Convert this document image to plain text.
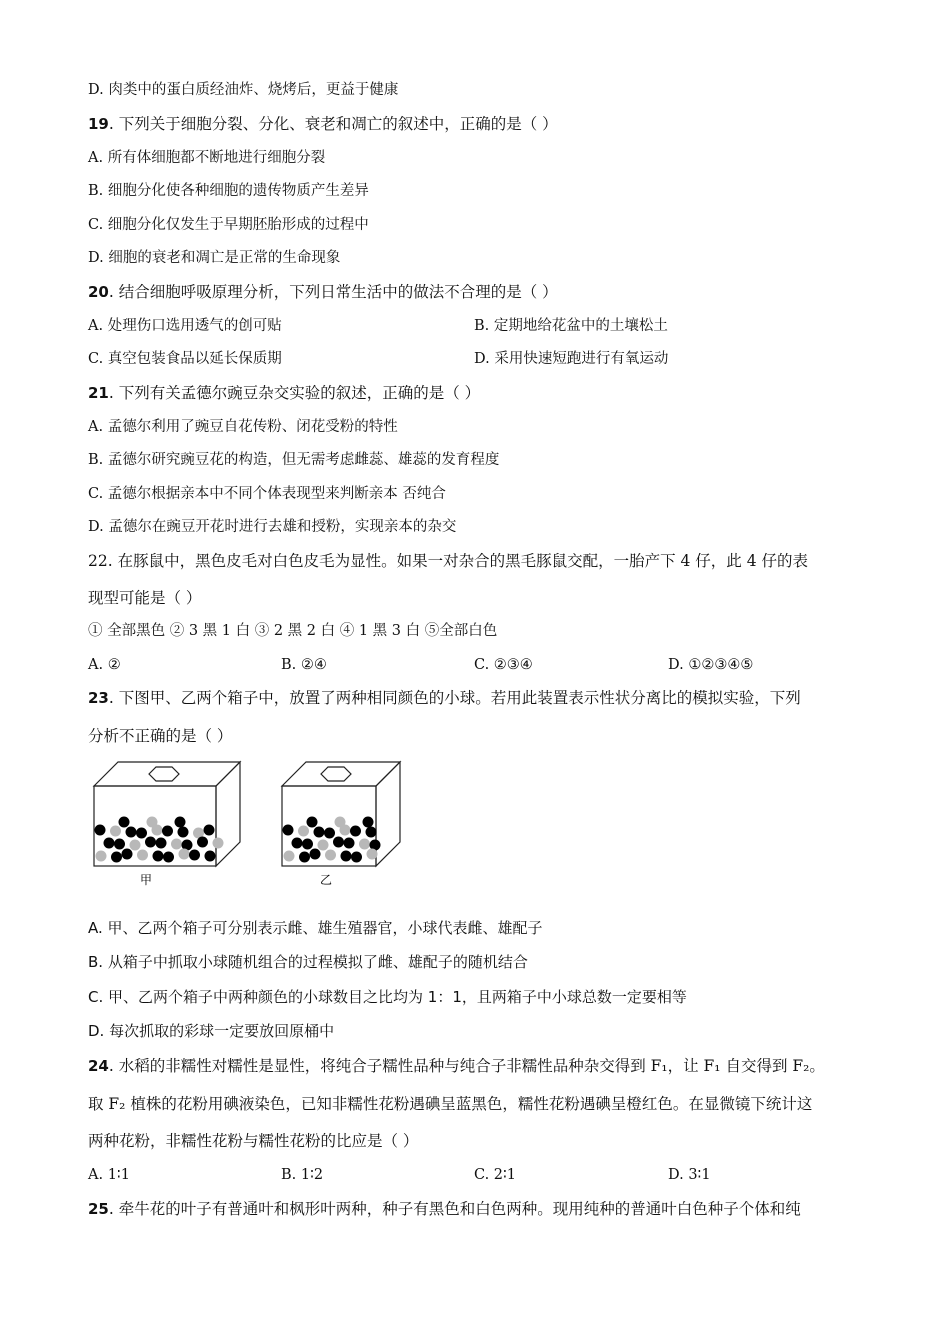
D. 肉类中的蛋白质经油炸、烧烤后，更益于健康
19. 下列关于细胞分裂、分化、衰老和凋亡的叙述中，正确的是（ ）
A. 所有体细胞都不断地进行细胞分裂
B. 细胞分化使各种细胞的遗传物质产生差异
C. 细胞分化仅发生于早期胚胎形成的过程中
D. 细胞的衰老和凋亡是正常的生命现象
20. 结合细胞呼吸原理分析，下列日常生活中的做法不合理的是（ ）
A. 处理伤口选用透气的创可贴	B. 定期地给花盆中的土壤松土
C. 真空包装食品以延长保质期	D. 采用快速短跑进行有氧运动
21. 下列有关孟德尔豌豆杂交实验的叙述，正确的是（ ）
A. 孟德尔利用了豌豆自花传粉、闭花受粉的特性
B. 孟德尔研究豌豆花的构造，但无需考虑雌蕊、雄蕊的发育程度
C. 孟德尔根据亲本中不同个体表现型来判断亲本 否纯合
D. 孟德尔在豌豆开花时进行去雄和授粉，实现亲本的杂交
22. 在豚鼠中，黑色皮毛对白色皮毛为显性。如果一对杂合的黑毛豚鼠交配，一胎产下 4 仔，此 4 仔的表
现型可能是（ ）
① 全部黑色 ② 3 黑 1 白 ③ 2 黑 2 白 ④ 1 黑 3 白 ⑤全部白色
A. ②	B. ②④	C. ②③④	D. ①②③④⑤
23. 下图甲、乙两个箱子中，放置了两种相同颜色的小球。若用此装置表示性状分离比的模拟实验，下列
分析不正确的是（ ）
甲	乙
A. 甲、乙两个箱子可分别表示雌、雄生殖器官，小球代表雌、雄配子
B. 从箱子中抓取小球随机组合的过程模拟了雌、雄配子的随机结合
C. 甲、乙两个箱子中两种颜色的小球数目之比均为 1：1，且两箱子中小球总数一定要相等
D. 每次抓取的彩球一定要放回原桶中
24. 水稻的非糯性对糯性是显性，将纯合子糯性品种与纯合子非糯性品种杂交得到 F₁，让 F₁ 自交得到 F₂。
取 F₂ 植株的花粉用碘液染色，已知非糯性花粉遇碘呈蓝黑色，糯性花粉遇碘呈橙红色。在显微镜下统计这
两种花粉，非糯性花粉与糯性花粉的比应是（ ）
A. 1∶1	B. 1∶2	C. 2∶1	D. 3∶1
25. 牵牛花的叶子有普通叶和枫形叶两种，种子有黑色和白色两种。现用纯种的普通叶白色种子个体和纯
